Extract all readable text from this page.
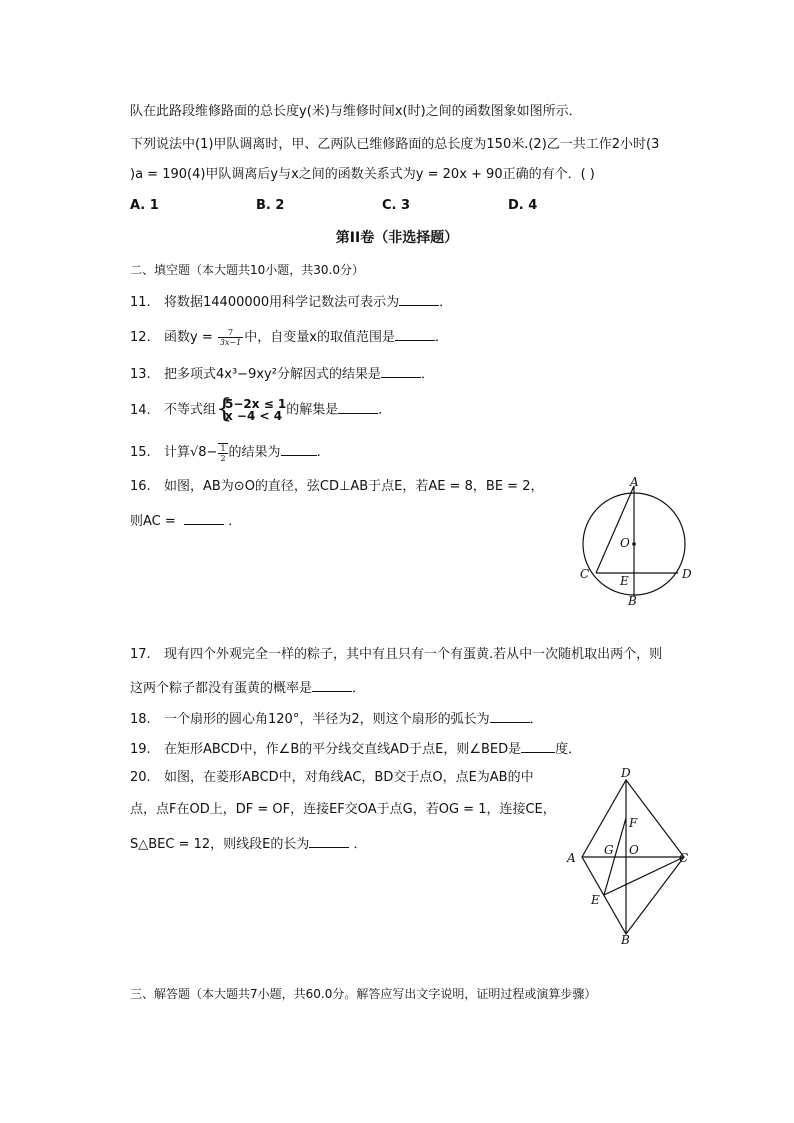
队在此路段维修路面的总长度y(米)与维修时间x(时)之间的函数图象如图所示．
下列说法中(1)甲队调离时，甲、乙两队已维修路面的总长度为150米.(2)乙一共工作2小时(3
)a = 190(4)甲队调离后y与x之间的函数关系式为y = 20x + 90正确的有个．( )
A. 1	B. 2	C. 3	D. 4
第II卷（非选择题）
二、填空题（本大题共10小题，共30.0分）
11. 将数据14400000用科学记数法可表示为	．
12. 函数$y = \frac{7}{3x-1}$ 中，自变量x的取值范围是	．
13. 把多项式4x³−9xy²分解因式的结果是	．
14. 不等式组 {
5−2x ≤ 1
x −4 < 4 的解集是	．
15. 计算$√8- \frac{1}{2}$ 的结果为	.
16. 如图，AB为⊙O的直径，弦CD⊥AB于点E，若AE = 8，BE = 2，
则AC =	．
A
O
C	E	D
B
17. 现有四个外观完全一样的粽子，其中有且只有一个有蛋黄.若从中一次随机取出两个，则
这两个粽子都没有蛋黄的概率是	．
18. 一个扇形的圆心角120°，半径为2，则这个扇形的弧长为	．
19. 在矩形ABCD中，作∠B的平分线交直线AD于点E，则∠BED是	度．
20. 如图，在菱形ABCD中，对角线AC，BD交于点O，点E为AB的中
点，点F在OD上，DF = OF，连接EF交OA于点G，若OG = 1，连接CE，
S△BEC = 12，则线段E的长为	．
D
F
A
G O
C
E
B
三、解答题（本大题共7小题，共60.0分。解答应写出文字说明，证明过程或演算步骤）
